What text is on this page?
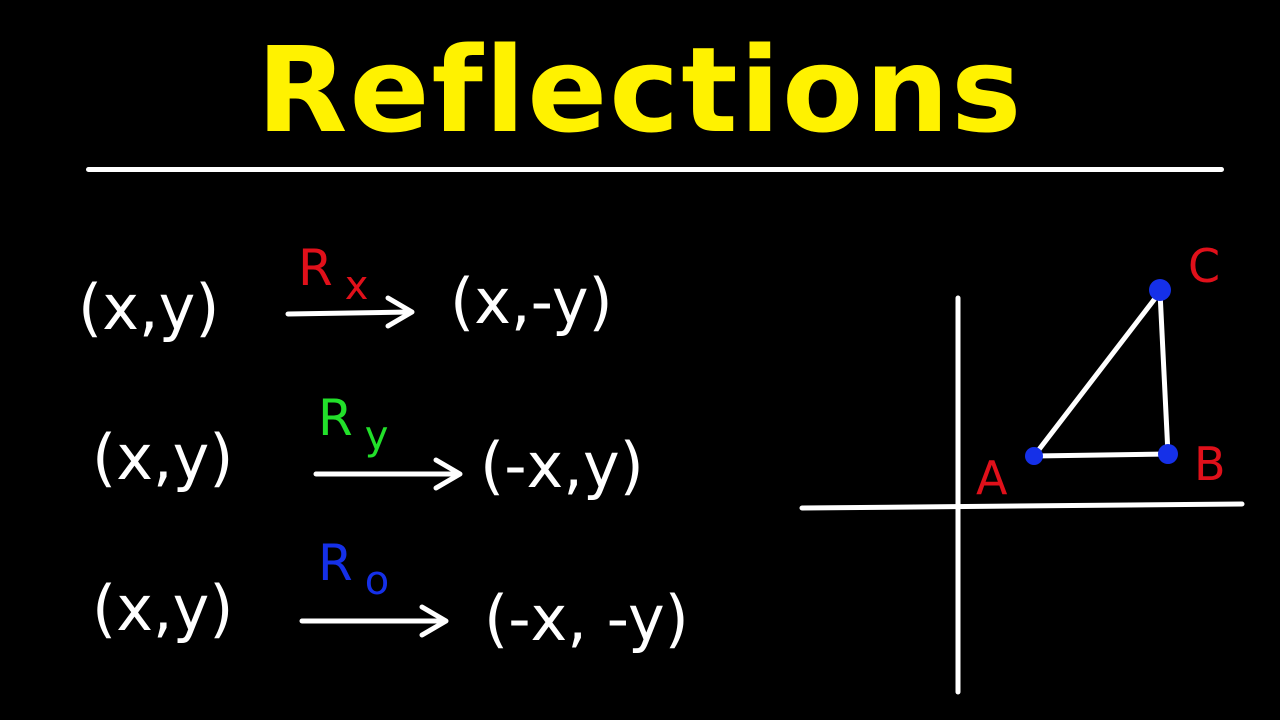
Reflections
(x,y)
R $_x$ (x,-y)
(x,y)
R $_y$ (-x,y)
(x,y)
R $_o$
(-x, -y)
A	B
C
